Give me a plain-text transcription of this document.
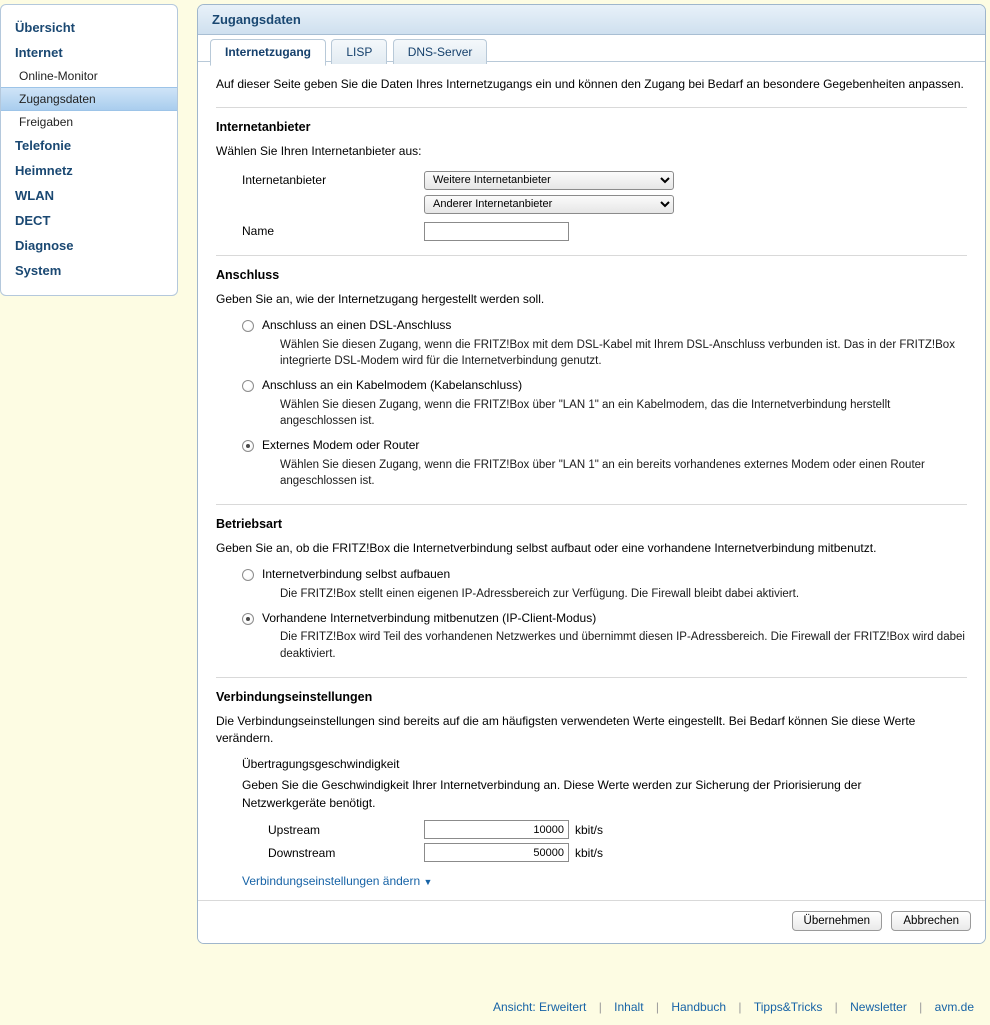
Übersicht
Internet
Online-Monitor
Zugangsdaten
Freigaben
Telefonie
Heimnetz
WLAN
DECT
Diagnose
System
Zugangsdaten
Internetzugang	LISP	DNS-Server
Auf dieser Seite geben Sie die Daten Ihres Internetzugangs ein und können den Zugang bei Bedarf an besondere Gegebenheiten anpassen.
Internetanbieter
Wählen Sie Ihren Internetanbieter aus:
Internetanbieter
Weitere Internetanbieter
Anderer Internetanbieter
Name
Anschluss
Geben Sie an, wie der Internetzugang hergestellt werden soll.
Anschluss an einen DSL-Anschluss
Wählen Sie diesen Zugang, wenn die FRITZ!Box mit dem DSL-Kabel mit Ihrem DSL-Anschluss verbunden ist. Das in der FRITZ!Box integrierte DSL-Modem wird für die Internetverbindung genutzt.
Anschluss an ein Kabelmodem (Kabelanschluss)
Wählen Sie diesen Zugang, wenn die FRITZ!Box über "LAN 1" an ein Kabelmodem, das die Internetverbindung herstellt angeschlossen ist.
Externes Modem oder Router
Wählen Sie diesen Zugang, wenn die FRITZ!Box über "LAN 1" an ein bereits vorhandenes externes Modem oder einen Router angeschlossen ist.
Betriebsart
Geben Sie an, ob die FRITZ!Box die Internetverbindung selbst aufbaut oder eine vorhandene Internetverbindung mitbenutzt.
Internetverbindung selbst aufbauen
Die FRITZ!Box stellt einen eigenen IP-Adressbereich zur Verfügung. Die Firewall bleibt dabei aktiviert.
Vorhandene Internetverbindung mitbenutzen (IP-Client-Modus)
Die FRITZ!Box wird Teil des vorhandenen Netzwerkes und übernimmt diesen IP-Adressbereich. Die Firewall der FRITZ!Box wird dabei deaktiviert.
Verbindungseinstellungen
Die Verbindungseinstellungen sind bereits auf die am häufigsten verwendeten Werte eingestellt. Bei Bedarf können Sie diese Werte verändern.
Übertragungsgeschwindigkeit
Geben Sie die Geschwindigkeit Ihrer Internetverbindung an. Diese Werte werden zur Sicherung der Priorisierung der Netzwerkgeräte benötigt.
Upstream
10000	kbit/s
Downstream
50000	kbit/s
Verbindungseinstellungen ändern ▼
Übernehmen	Abbrechen
Ansicht: Erweitert | Inhalt | Handbuch | Tipps&Tricks | Newsletter | avm.de
